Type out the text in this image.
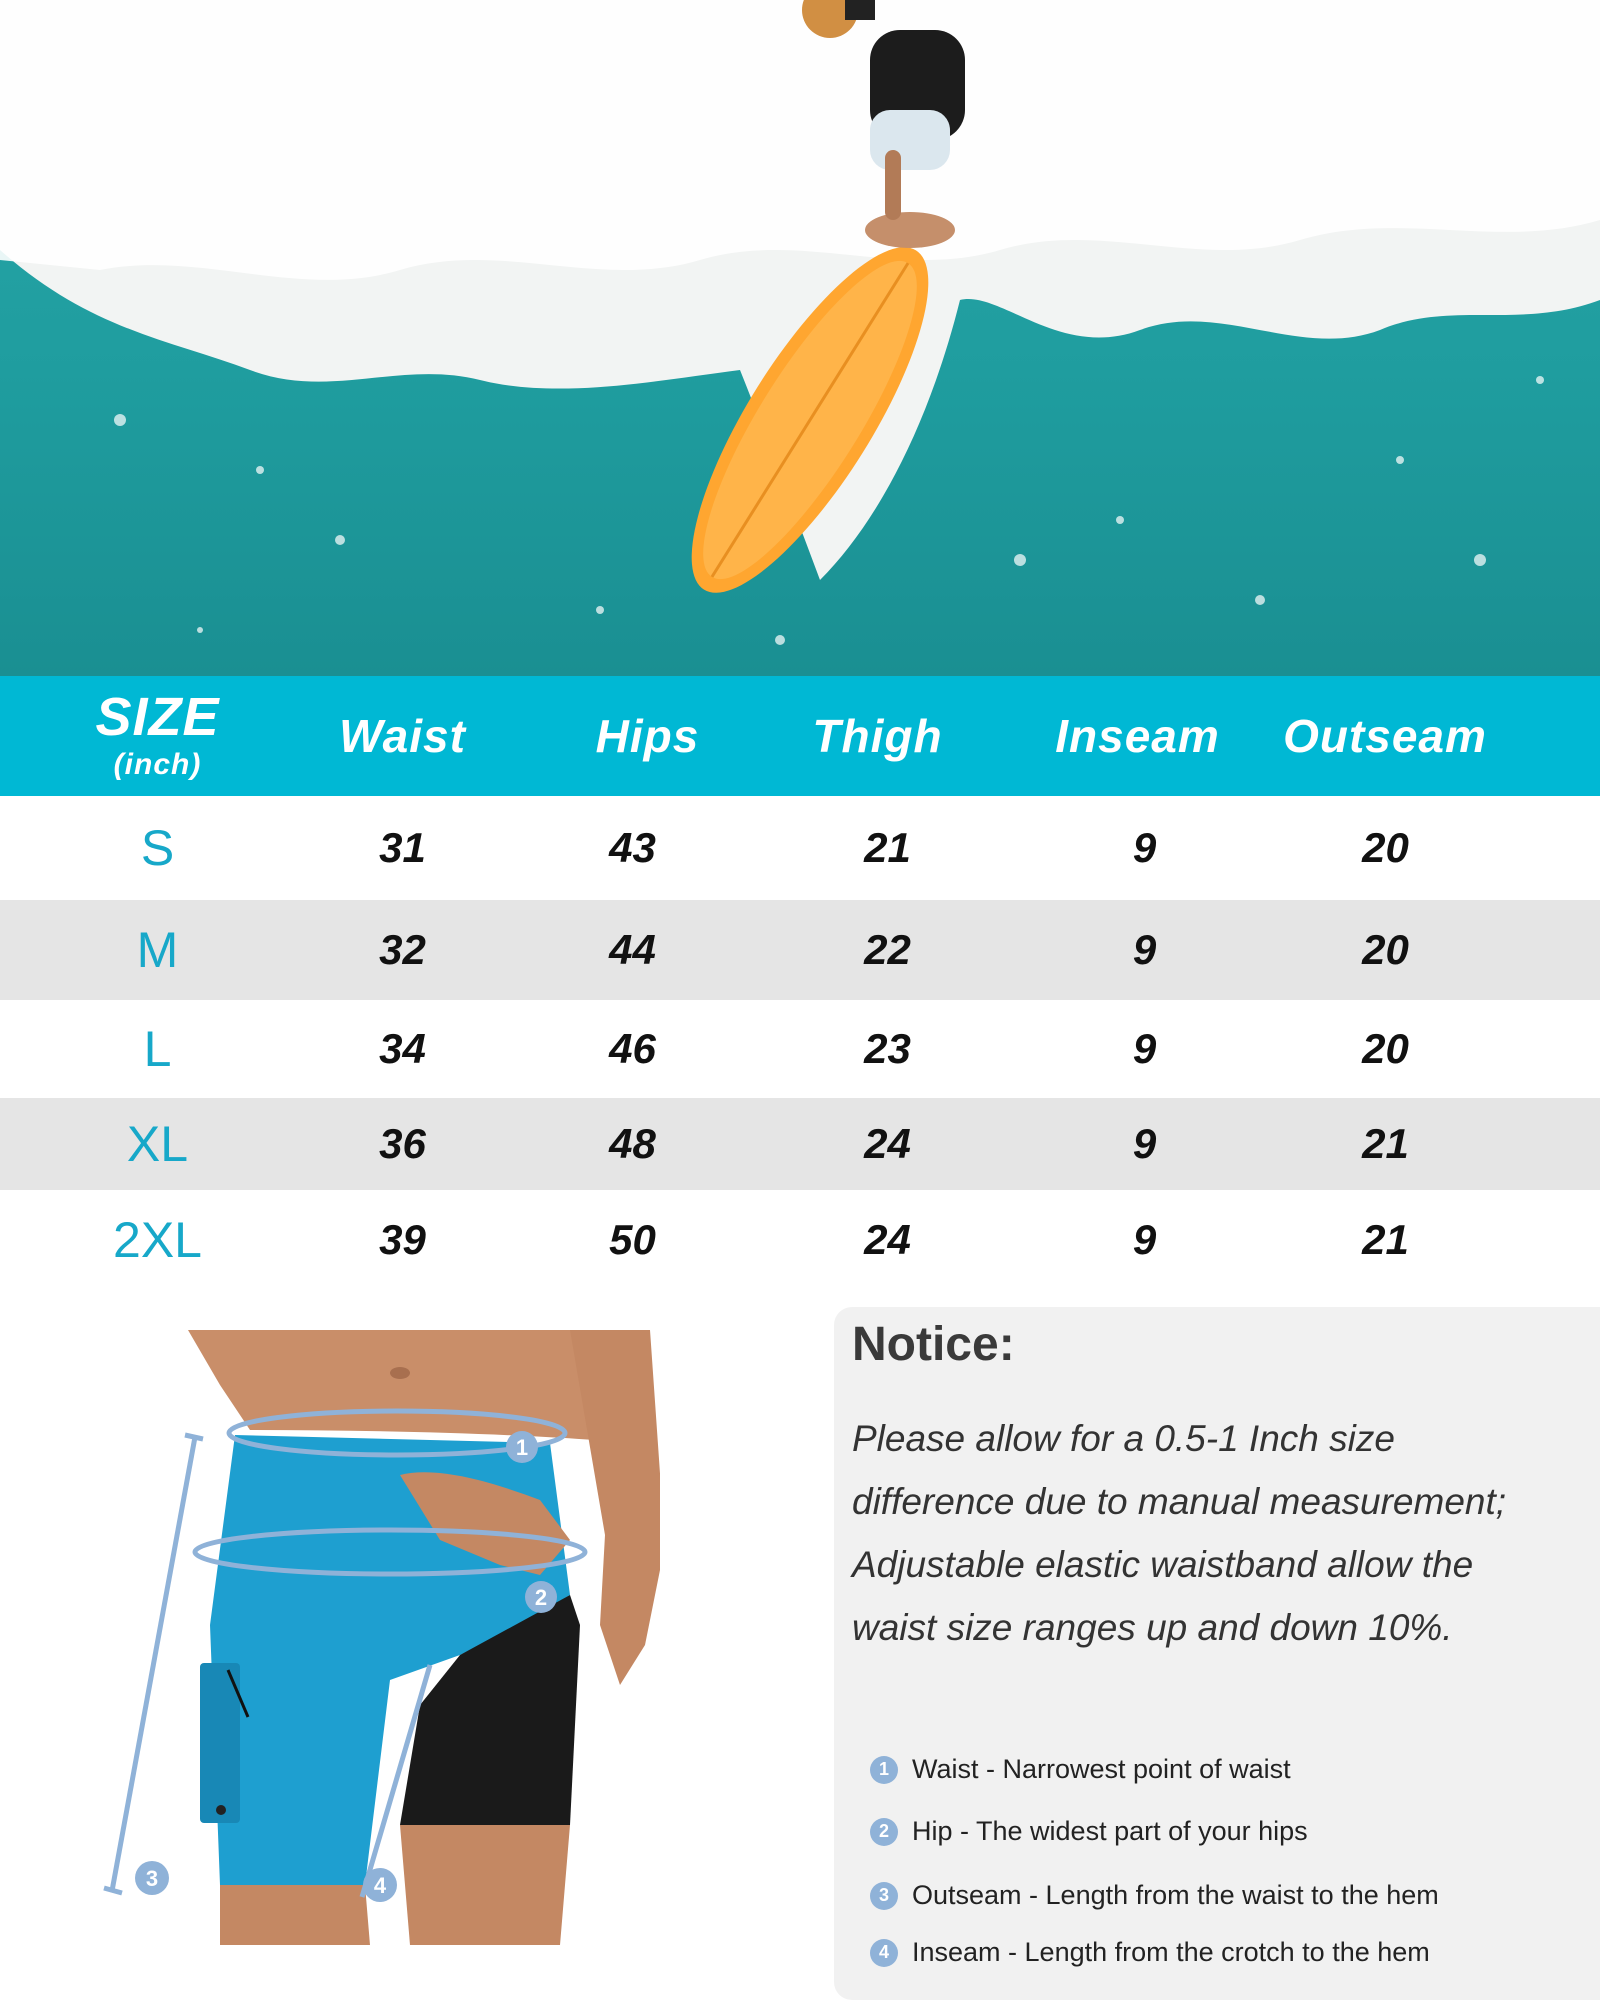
SIZE
(inch)
Waist	Hips	Thigh	Inseam	Outseam
S	31	43	21	9	20
M	32	44	22	9	20
L	34	46	23	9	20
XL	36	48	24	9	21
2XL	39	50	24	9	21
1
2
3	4
Notice:
Please allow for a 0.5-1 Inch size
difference due to manual measurement;
Adjustable elastic waistband allow the
waist size ranges up and down 10%.
1 Waist - Narrowest point of waist
2 Hip - The widest part of your hips
3 Outseam - Length from the waist to the hem
4 Inseam - Length from the crotch to the hem
